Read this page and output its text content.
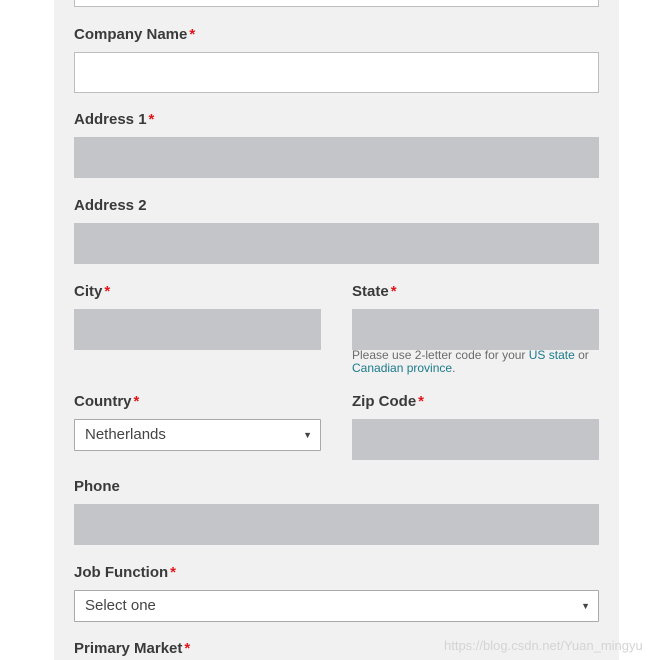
Company Name *
Address 1 *
Address 2
City *	State *
Please use 2-letter code for your US state or
Canadian province.
Country *
Netherlands	▼
Zip Code *
Phone
Job Function *
Select one	▼
Primary Market *	https://blog.csdn.net/Yuan_mingyu
